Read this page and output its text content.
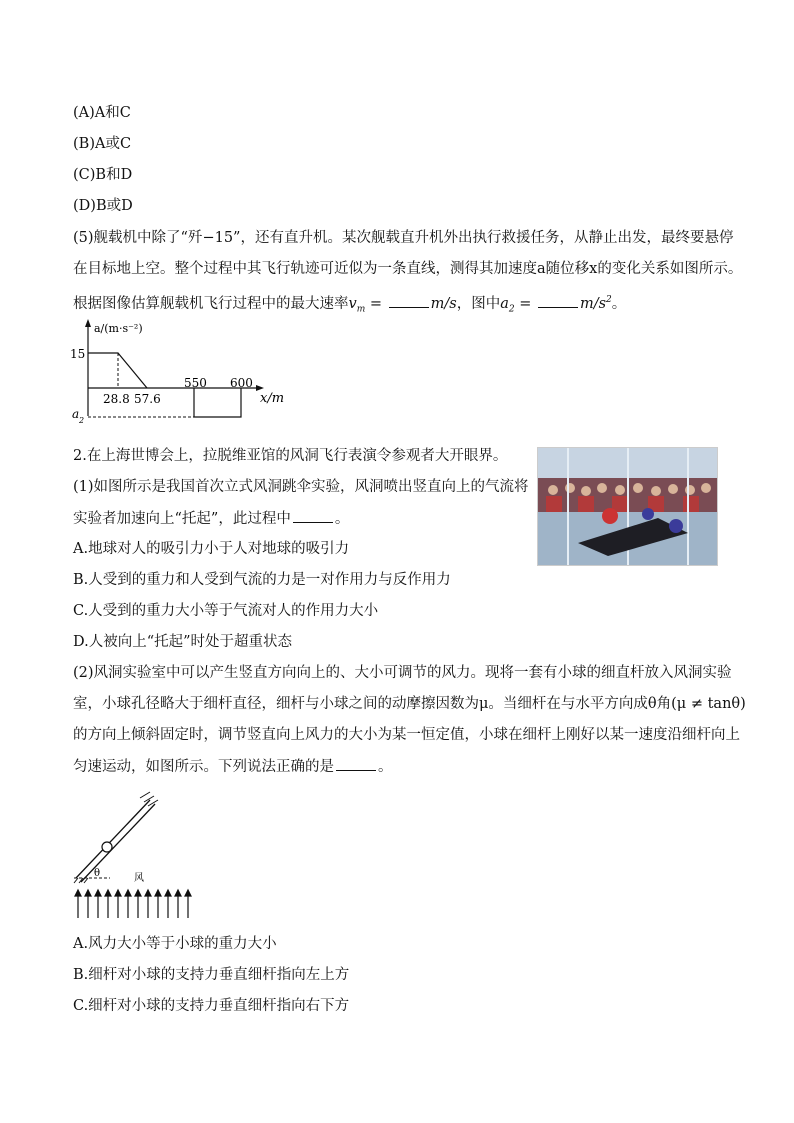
(A)A和C
(B)A或C
(C)B和D
(D)B或D
(5)舰载机中除了“歼−15”，还有直升机。某次舰载直升机外出执行救援任务，从静止出发，最终要悬停
在目标地上空。整个过程中其飞行轨迹可近似为一条直线，测得其加速度a随位移x的变化关系如图所示。
根据图像估算舰载机飞行过程中的最大速率$v_m$ =	m/s，图中$a_2$ =	$m/s^2$。
a/(m·s⁻²)
x/m
15
28.8 57.6
550 600
a 2
2.在上海世博会上，拉脱维亚馆的风洞飞行表演令参观者大开眼界。
(1)如图所示是我国首次立式风洞跳伞实验，风洞喷出竖直向上的气流将
实验者加速向上“托起”，此过程中	。
A.地球对人的吸引力小于人对地球的吸引力
B.人受到的重力和人受到气流的力是一对作用力与反作用力
C.人受到的重力大小等于气流对人的作用力大小
D.人被向上“托起”时处于超重状态
(2)风洞实验室中可以产生竖直方向向上的、大小可调节的风力。现将一套有小球的细直杆放入风洞实验
室，小球孔径略大于细杆直径，细杆与小球之间的动摩擦因数为μ。当细杆在与水平方向成θ角(μ ≠ tanθ)
的方向上倾斜固定时，调节竖直向上风力的大小为某一恒定值，小球在细杆上刚好以某一速度沿细杆向上
匀速运动，如图所示。下列说法正确的是	。
θ	风
A.风力大小等于小球的重力大小
B.细杆对小球的支持力垂直细杆指向左上方
C.细杆对小球的支持力垂直细杆指向右下方
